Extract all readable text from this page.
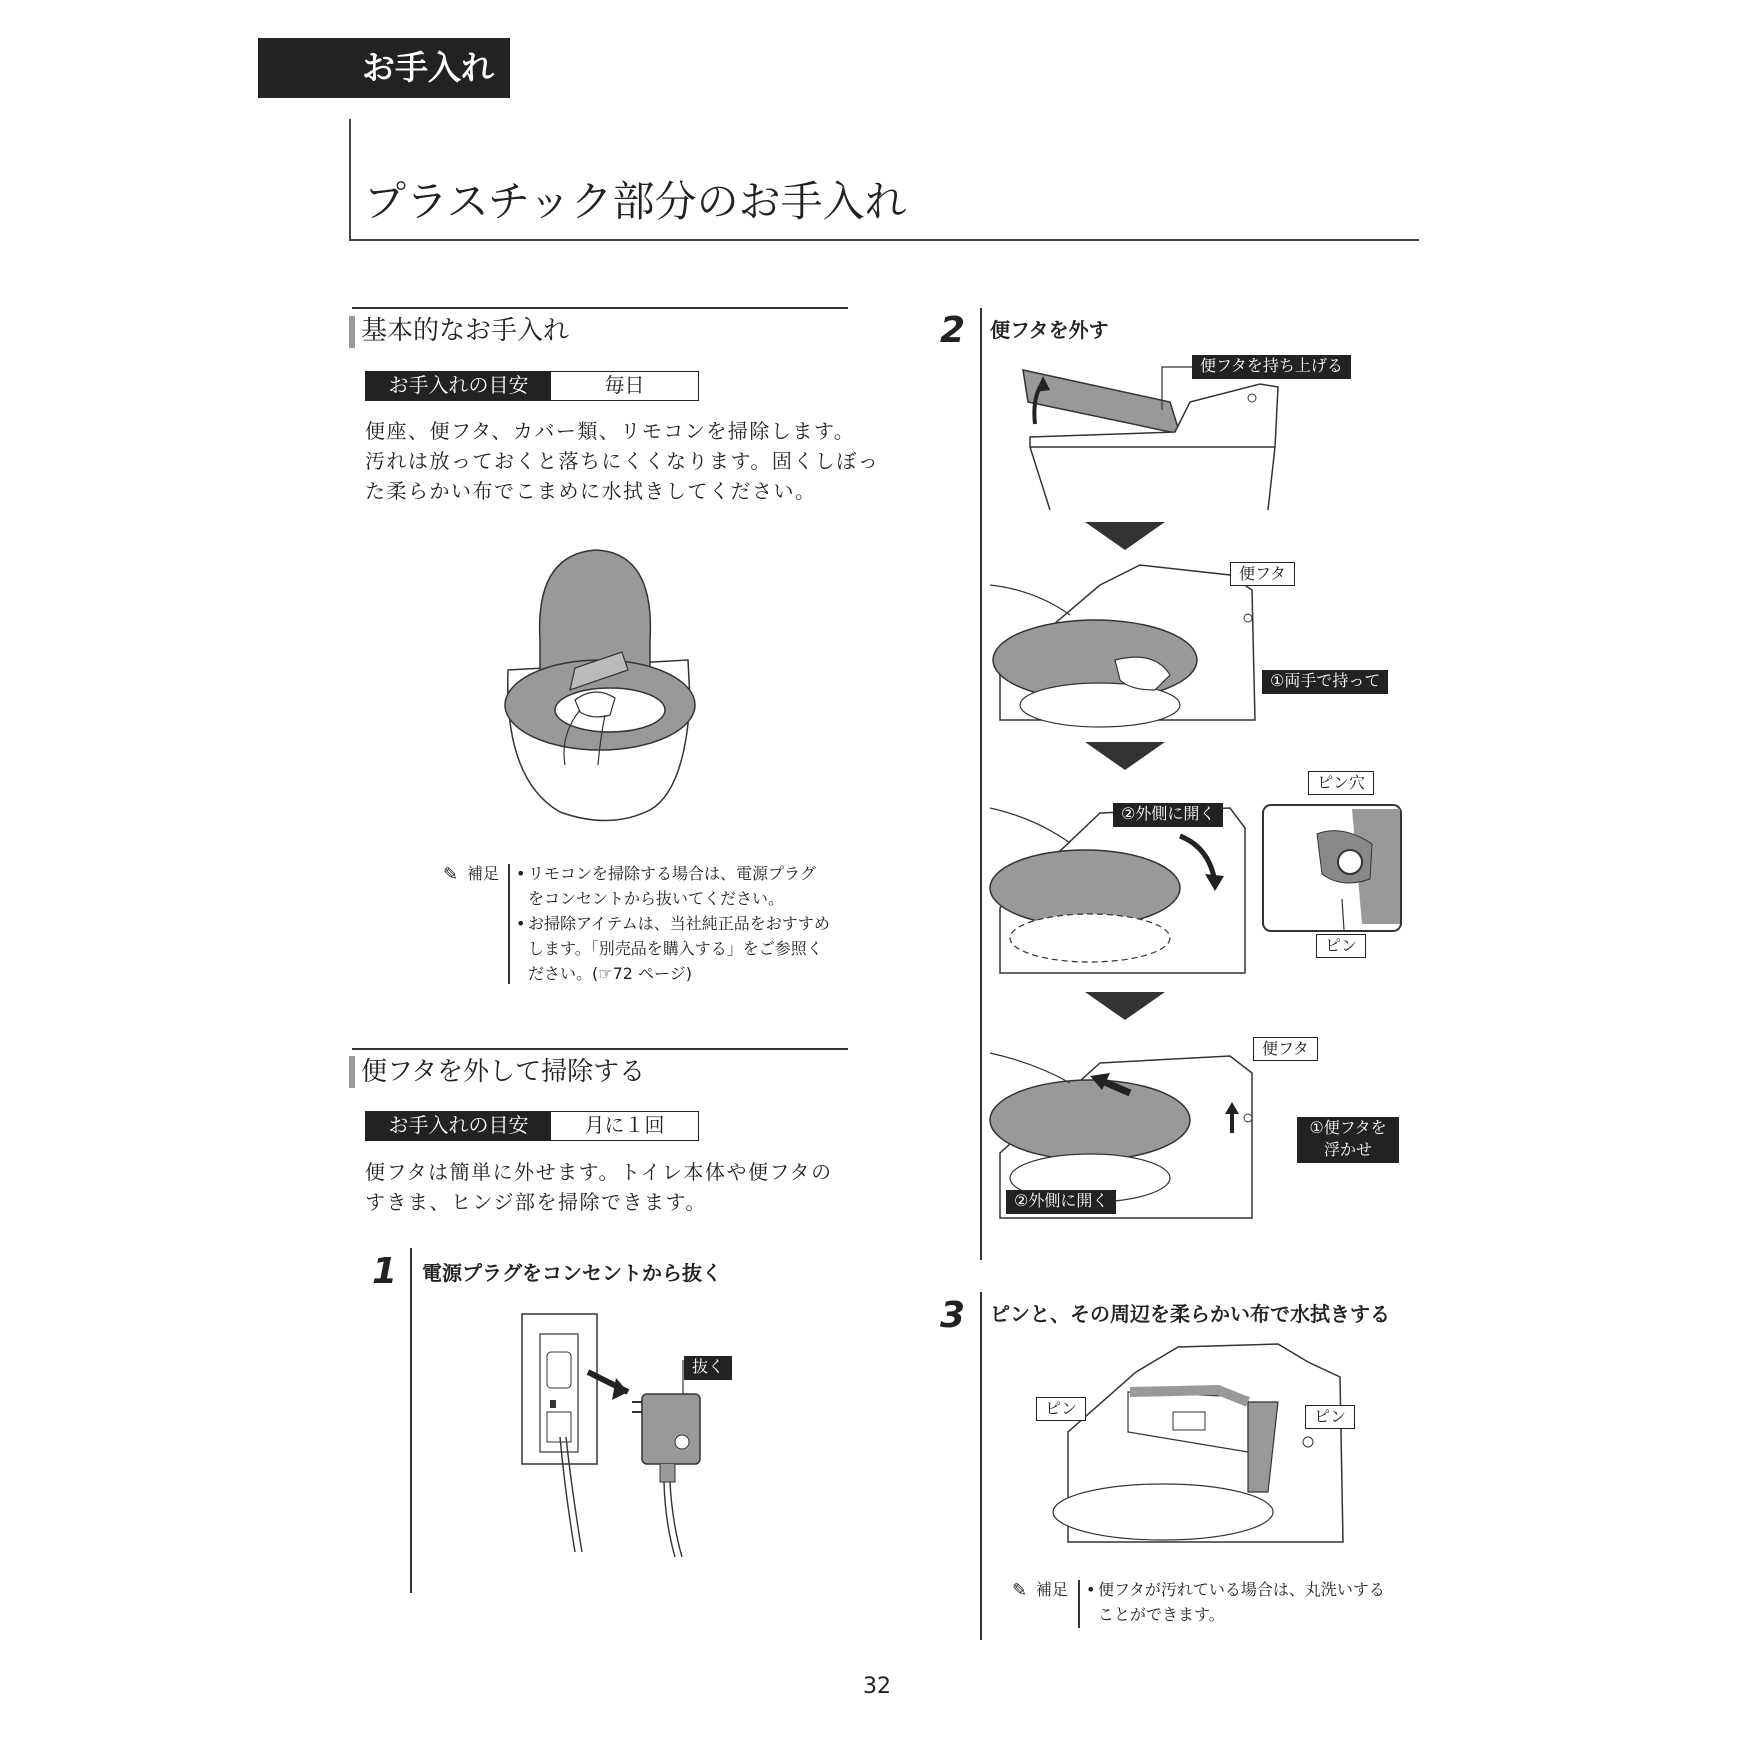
お手入れ
プラスチック部分のお手入れ
基本的なお手入れ
お手入れの目安	毎日
便座、便フタ、カバー類、リモコンを掃除します。
汚れは放っておくと落ちにくくなります。固くしぼっ
た柔らかい布でこまめに水拭きしてください。
✎ 補足 • リモコンを掃除する場合は、電源プラグ
をコンセントから抜いてください。
• お掃除アイテムは、当社純正品をおすすめ
します。「別売品を購入する」をご参照く
ださい。(☞72 ページ)
便フタを外して掃除する
お手入れの目安	月に１回
便フタは簡単に外せます。トイレ本体や便フタの
すきま、ヒンジ部を掃除できます。
1 電源プラグをコンセントから抜く
抜く
2 便フタを外す
便フタを持ち上げる
便フタ
①両手で持って
②外側に開く
ピン穴
ピン
便フタ
①便フタを
浮かせ
②外側に開く
3 ピンと、その周辺を柔らかい布で水拭きする
ピン	ピン
✎ 補足 • 便フタが汚れている場合は、丸洗いする
ことができます。
32
